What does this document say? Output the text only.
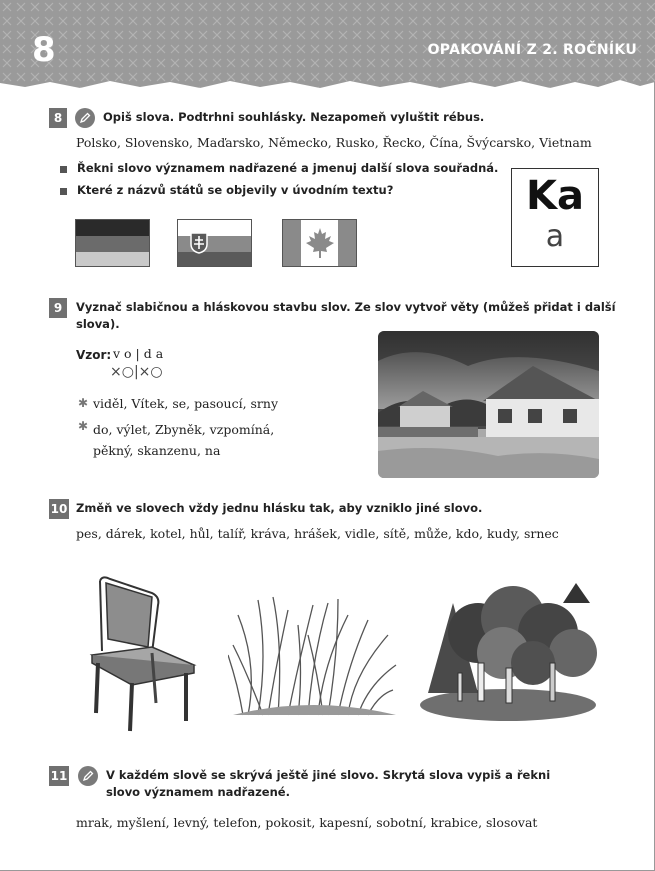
8	OPAKOVÁNÍ Z 2. ROČNÍKU
8	Opiš slova. Podtrhni souhlásky. Nezapomeň vyluštit rébus.
Polsko, Slovensko, Maďarsko, Německo, Rusko, Řecko, Čína, Švýcarsko, Vietnam
Řekni slovo významem nadřazené a jmenuj další slova souřadná.
Které z názvů států se objevily v úvodním textu?	Ka
a
9	Vyznač slabičnou a hláskovou stavbu slov. Ze slov vytvoř věty (můžeš přidat i další slova).
Vzor: v o | d a
×○|×○
✱ viděl, Vítek, se, pasoucí, srny
✱ do, výlet, Zbyněk, vzpomíná, pěkný, skanzenu, na
10 Změň ve slovech vždy jednu hlásku tak, aby vzniklo jiné slovo.
pes, dárek, kotel, hůl, talíř, kráva, hrášek, vidle, sítě, může, kdo, kudy, srnec
11	V každém slově se skrývá ještě jiné slovo. Skrytá slova vypiš a řekni slovo významem nadřazené.
mrak, myšlení, levný, telefon, pokosit, kapesní, sobotní, krabice, slosovat
